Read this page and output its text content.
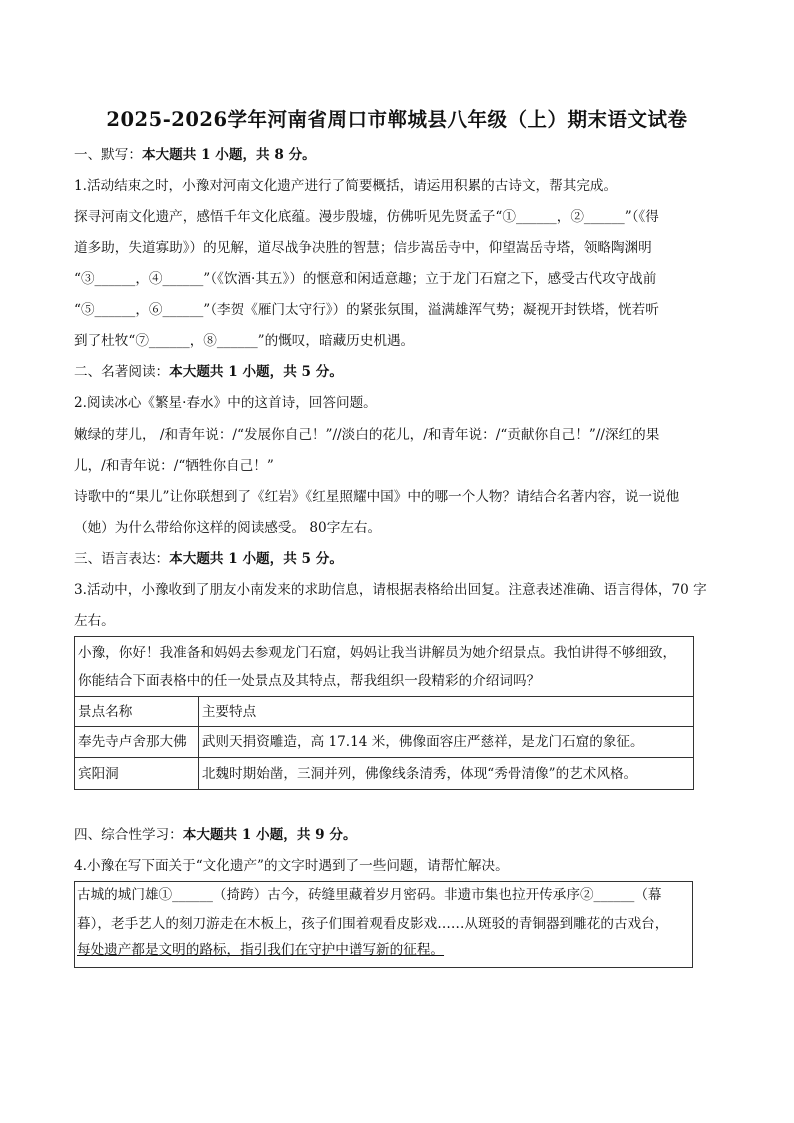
2025-2026学年河南省周口市郸城县八年级（上）期末语文试卷
一、默写：本大题共 1 小题，共 8 分。
1.活动结束之时，小豫对河南文化遗产进行了简要概括，请运用积累的古诗文，帮其完成。
探寻河南文化遗产，感悟千年文化底蕴。漫步殷墟，仿佛听见先贤孟子“①______，②______”（《得
道多助，失道寡助》）的见解，道尽战争决胜的智慧；信步嵩岳寺中，仰望嵩岳寺塔，领略陶渊明
“③______，④______”（《饮酒·其五》）的惬意和闲适意趣；立于龙门石窟之下，感受古代攻守战前
“⑤______，⑥______”（李贺《雁门太守行》）的紧张氛围，溢满雄浑气势；凝视开封铁塔，恍若听
到了杜牧“⑦______，⑧______”的慨叹，暗藏历史机遇。
二、名著阅读：本大题共 1 小题，共 5 分。
2.阅读冰心《繁星·春水》中的这首诗，回答问题。
嫩绿的芽儿， /和青年说：/“发展你自己！”//淡白的花儿，/和青年说：/“贡献你自己！”//深红的果
儿，/和青年说：/“牺牲你自己！”
诗歌中的“果儿”让你联想到了《红岩》《红星照耀中国》中的哪一个人物？请结合名著内容，说一说他
（她）为什么带给你这样的阅读感受。 80字左右。
三、语言表达：本大题共 1 小题，共 5 分。
3.活动中，小豫收到了朋友小南发来的求助信息，请根据表格给出回复。注意表述准确、语言得体，70 字
左右。
小豫，你好！我准备和妈妈去参观龙门石窟，妈妈让我当讲解员为她介绍景点。我怕讲得不够细致，
你能结合下面表格中的任一处景点及其特点，帮我组织一段精彩的介绍词吗？	

景点名称	主要特点
奉先寺卢舍那大佛	武则天捐资雕造，高 17.14 米，佛像面容庄严慈祥，是龙门石窟的象征。
宾阳洞	北魏时期始凿，三洞并列，佛像线条清秀，体现“秀骨清像”的艺术风格。
四、综合性学习：本大题共 1 小题，共 9 分。
4.小豫在写下面关于“文化遗产”的文字时遇到了一些问题，请帮忙解决。
古城的城门雄①______（掎跨）古今，砖缝里藏着岁月密码。非遗市集也拉开传承序②______（幕
暮），老手艺人的刻刀游走在木板上，孩子们围着观看皮影戏……从斑驳的青铜器到雕花的古戏台，
每处遗产都是文明的路标，指引我们在守护中谱写新的征程。
